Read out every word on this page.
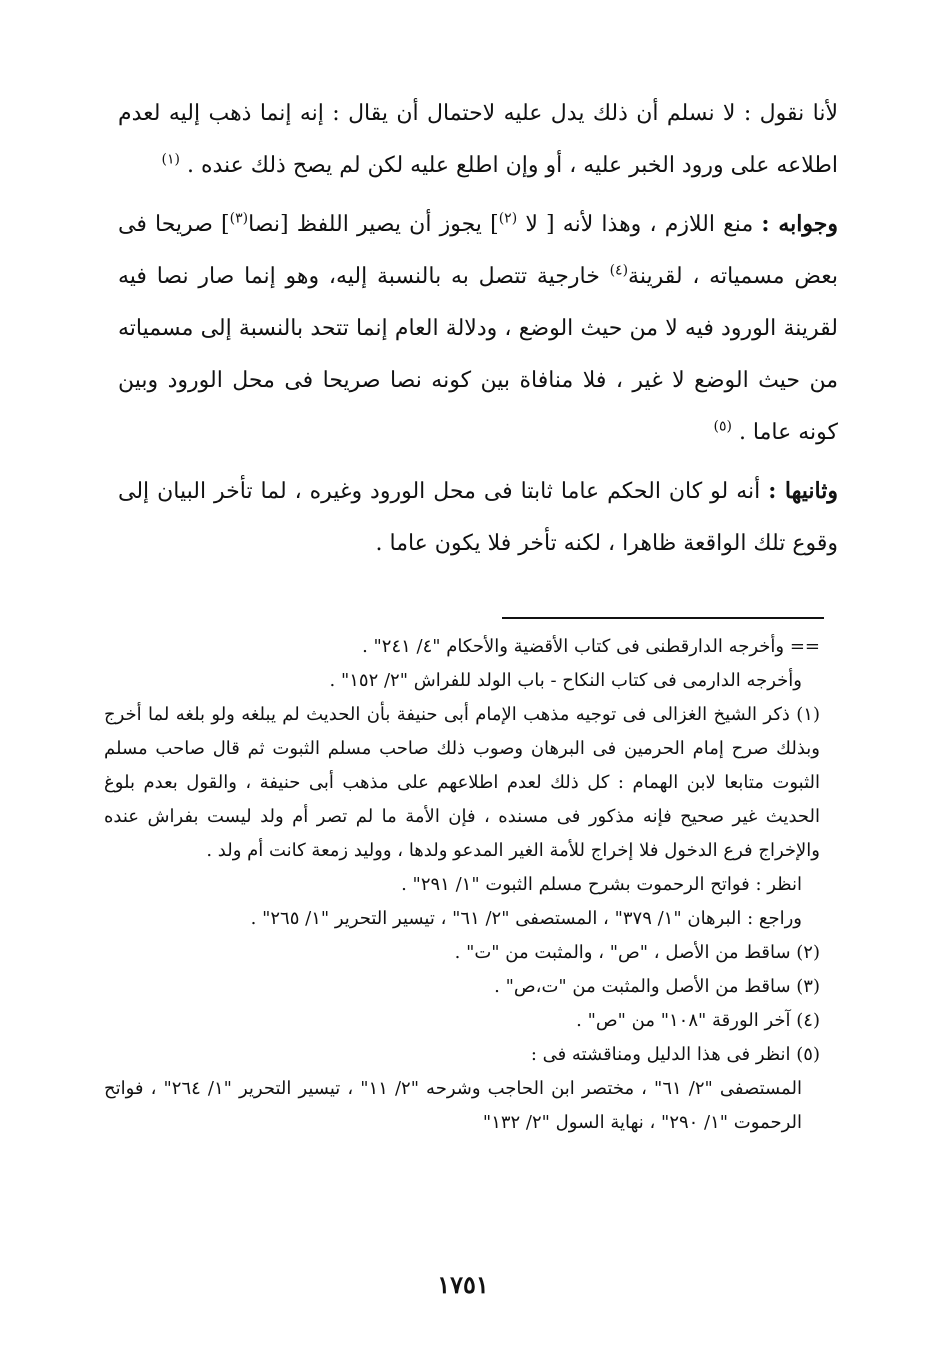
لأنا نقول : لا نسلم أن ذلك يدل عليه لاحتمال أن يقال : إنه إنما ذهب إليه لعدم اطلاعه على ورود الخبر عليه ، أو وإن اطلع عليه لكن لم يصح ذلك عنده . $^{(١)}$

وجوابه : منع اللازم ، وهذا لأنه [ لا $^{(٢)}$] يجوز أن يصير اللفظ [نصا$^{(٣)}$] صريحا فى بعض مسمياته ، لقرينة$^{(٤)}$ خارجية تتصل به بالنسبة إليه، وهو إنما صار نصا فيه لقرينة الورود فيه لا من حيث الوضع ، ودلالة العام إنما تتحد بالنسبة إلى مسمياته من حيث الوضع لا غير ، فلا منافاة بين كونه نصا صريحا فى محل الورود وبين كونه عاما . $^{(٥)}$

وثانيها : أنه لو كان الحكم عاما ثابتا فى محل الورود وغيره ، لما تأخر البيان إلى وقوع تلك الواقعة ظاهرا ، لكنه تأخر فلا يكون عاما .

== وأخرجه الدارقطنى فى كتاب الأقضية والأحكام "٤/ ٢٤١" .

وأخرجه الدارمى فى كتاب النكاح - باب الولد للفراش "٢/ ١٥٢" .

(١) ذكر الشيخ الغزالى فى توجيه مذهب الإمام أبى حنيفة بأن الحديث لم يبلغه ولو بلغه لما أخرج وبذلك صرح إمام الحرمين فى البرهان وصوب ذلك صاحب مسلم الثبوت ثم قال صاحب مسلم الثبوت متابعا لابن الهمام : كل ذلك لعدم اطلاعهم على مذهب أبى حنيفة ، والقول بعدم بلوغ الحديث غير صحيح فإنه مذكور فى مسنده ، فإن الأمة ما لم تصر أم ولد ليست بفراش عنده والإخراج فرع الدخول فلا إخراج للأمة الغير المدعو ولدها ، ووليد زمعة كانت أم ولد .

انظر : فواتح الرحموت بشرح مسلم الثبوت "١/ ٢٩١" .

وراجع : البرهان "١/ ٣٧٩" ، المستصفى "٢/ ٦١" ، تيسير التحرير "١/ ٢٦٥" .

(٢) ساقط من الأصل ، "ص" ، والمثبت من "ت" .

(٣) ساقط من الأصل والمثبت من "ت،ص" .

(٤) آخر الورقة "١٠٨" من "ص" .

(٥) انظر فى هذا الدليل ومناقشته فى :

المستصفى "٢/ ٦١" ، مختصر ابن الحاجب وشرحه "٢/ ١١" ، تيسير التحرير "١/ ٢٦٤" ، فواتح الرحموت "١/ ٢٩٠" ، نهاية السول "٢/ ١٣٢"

١٧٥١
